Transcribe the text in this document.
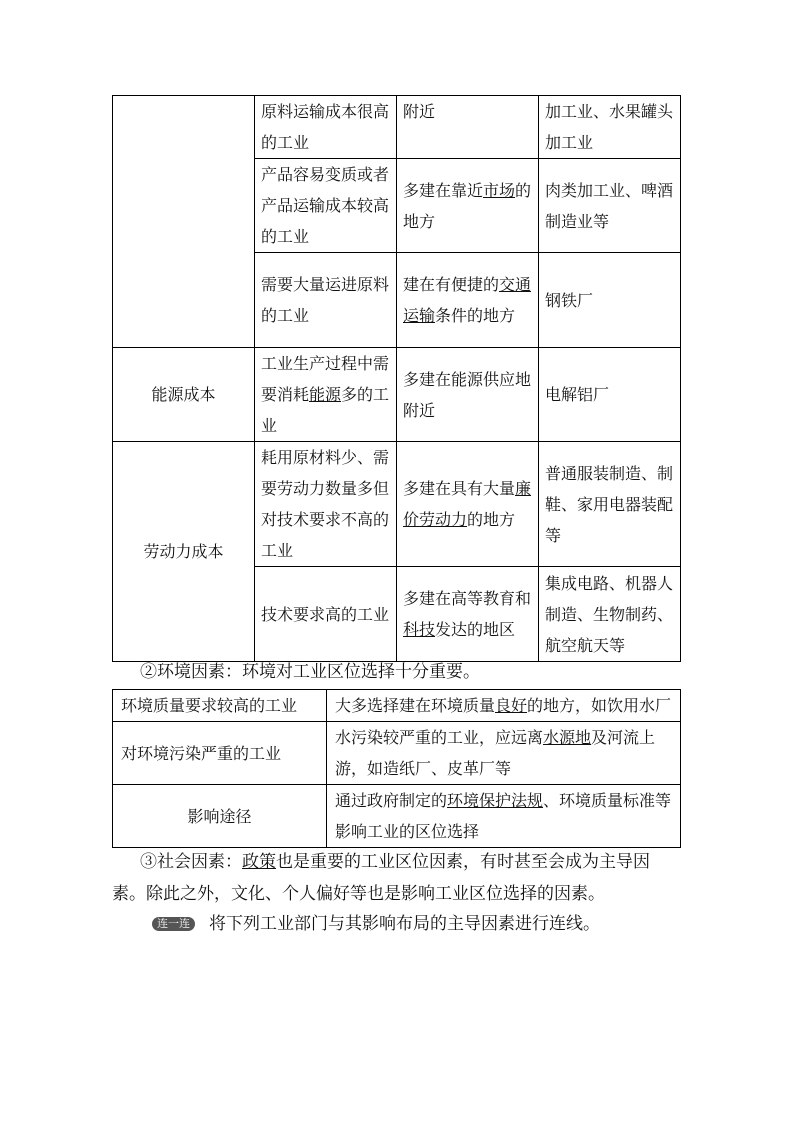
	原料运输成本很高的工业	附近	加工业、水果罐头加工业
	产品容易变质或者产品运输成本较高的工业	多建在靠近市场的地方	肉类加工业、啤酒制造业等
	需要大量运进原料的工业	建在有便捷的交通运输条件的地方	钢铁厂
能源成本	工业生产过程中需要消耗能源多的工业	多建在能源供应地附近	电解铝厂
劳动力成本	耗用原材料少、需要劳动力数量多但对技术要求不高的工业	多建在具有大量廉价劳动力的地方	普通服装制造、制鞋、家用电器装配等
	技术要求高的工业	多建在高等教育和科技发达的地区	集成电路、机器人制造、生物制药、航空航天等

②环境因素：环境对工业区位选择十分重要。

环境质量要求较高的工业	大多选择建在环境质量良好的地方，如饮用水厂
对环境污染严重的工业	水污染较严重的工业，应远离水源地及河流上游，如造纸厂、皮革厂等
影响途径	通过政府制定的环境保护法规、环境质量标准等影响工业的区位选择

③社会因素：政策也是重要的工业区位因素，有时甚至会成为主导因素。除此之外，文化、个人偏好等也是影响工业区位选择的因素。

连一连 将下列工业部门与其影响布局的主导因素进行连线。
